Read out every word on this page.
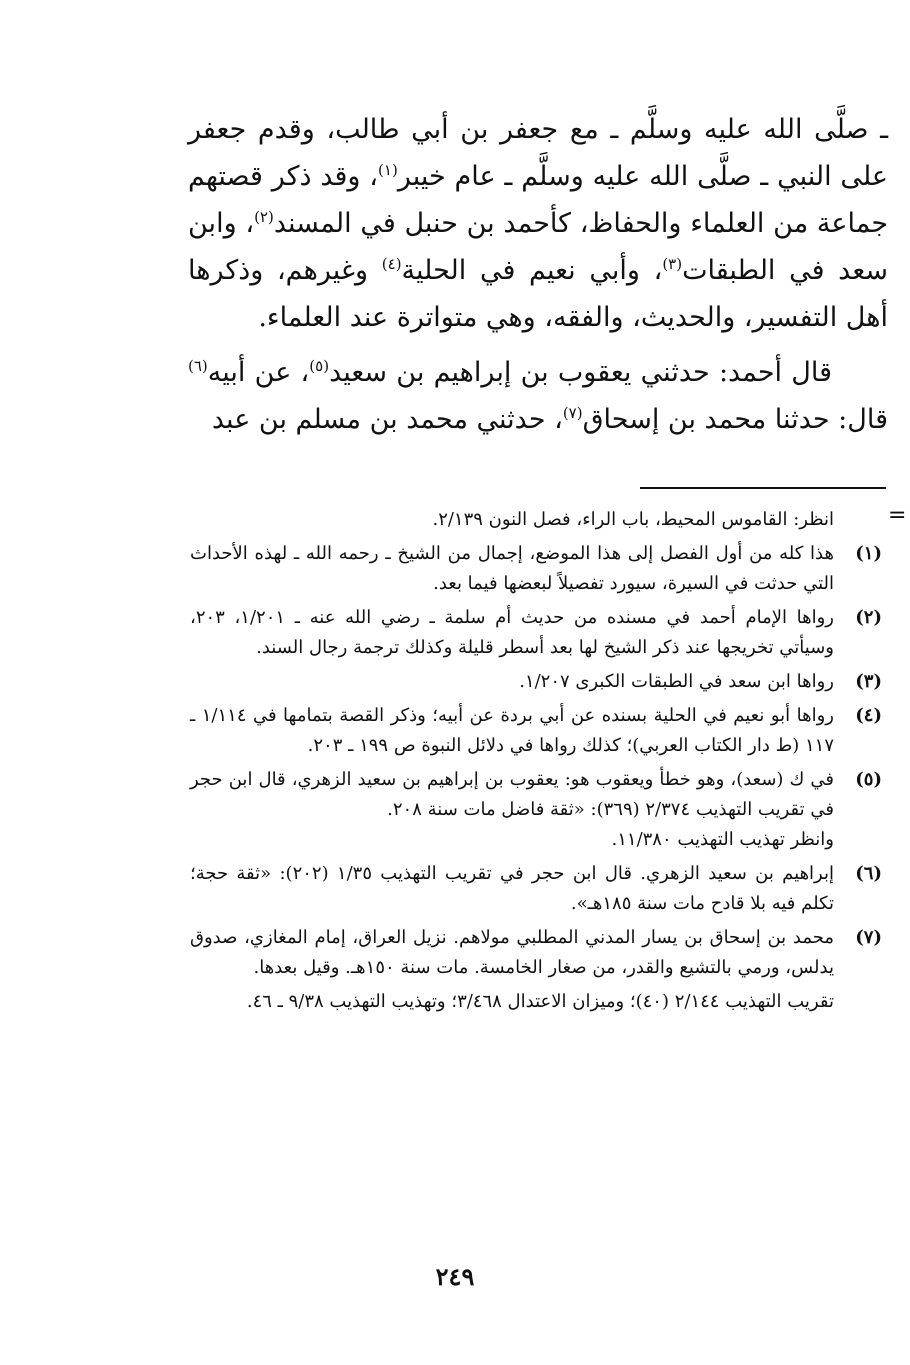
ـ صلَّى الله عليه وسلَّم ـ مع جعفر بن أبي طالب، وقدم جعفر على النبي ـ صلَّى الله عليه وسلَّم ـ عام خيبر$^{(١)}$، وقد ذكر قصتهم جماعة من العلماء والحفاظ، كأحمد بن حنبل في المسند$^{(٢)}$، وابن سعد في الطبقات$^{(٣)}$، وأبي نعيم في الحلية$^{(٤)}$ وغيرهم، وذكرها أهل التفسير، والحديث، والفقه، وهي متواترة عند العلماء.

قال أحمد: حدثني يعقوب بن إبراهيم بن سعيد$^{(٥)}$، عن أبيه$^{(٦)}$ قال: حدثنا محمد بن إسحاق$^{(٧)}$، حدثني محمد بن مسلم بن عبد

=
انظر: القاموس المحيط، باب الراء، فصل النون ٢/١٣٩.
(١)
هذا كله من أول الفصل إلى هذا الموضع، إجمال من الشيخ ـ رحمه الله ـ لهذه الأحداث التي حدثت في السيرة، سيورد تفصيلاً لبعضها فيما بعد.
(٢)
رواها الإمام أحمد في مسنده من حديث أم سلمة ـ رضي الله عنه ـ ١/٢٠١، ٢٠٣، وسيأتي تخريجها عند ذكر الشيخ لها بعد أسطر قليلة وكذلك ترجمة رجال السند.
(٣)
رواها ابن سعد في الطبقات الكبرى ١/٢٠٧.
(٤)
رواها أبو نعيم في الحلية بسنده عن أبي بردة عن أبيه؛ وذكر القصة بتمامها في ١/١١٤ ـ ١١٧ (ط دار الكتاب العربي)؛ كذلك رواها في دلائل النبوة ص ١٩٩ ـ ٢٠٣.
(٥)
في ك (سعد)، وهو خطأ ويعقوب هو: يعقوب بن إبراهيم بن سعيد الزهري، قال ابن حجر في تقريب التهذيب ٢/٣٧٤ (٣٦٩): «ثقة فاضل مات سنة ٢٠٨.
وانظر تهذيب التهذيب ١١/٣٨٠.
(٦)
إبراهيم بن سعيد الزهري. قال ابن حجر في تقريب التهذيب ١/٣٥ (٢٠٢): «ثقة حجة؛ تكلم فيه بلا قادح مات سنة ١٨٥هـ».
(٧)
محمد بن إسحاق بن يسار المدني المطلبي مولاهم. نزيل العراق، إمام المغازي، صدوق يدلس، ورمي بالتشيع والقدر، من صغار الخامسة. مات سنة ١٥٠هـ. وقيل بعدها.
تقريب التهذيب ٢/١٤٤ (٤٠)؛ وميزان الاعتدال ٣/٤٦٨؛ وتهذيب التهذيب ٩/٣٨ ـ ٤٦.
٢٤٩
